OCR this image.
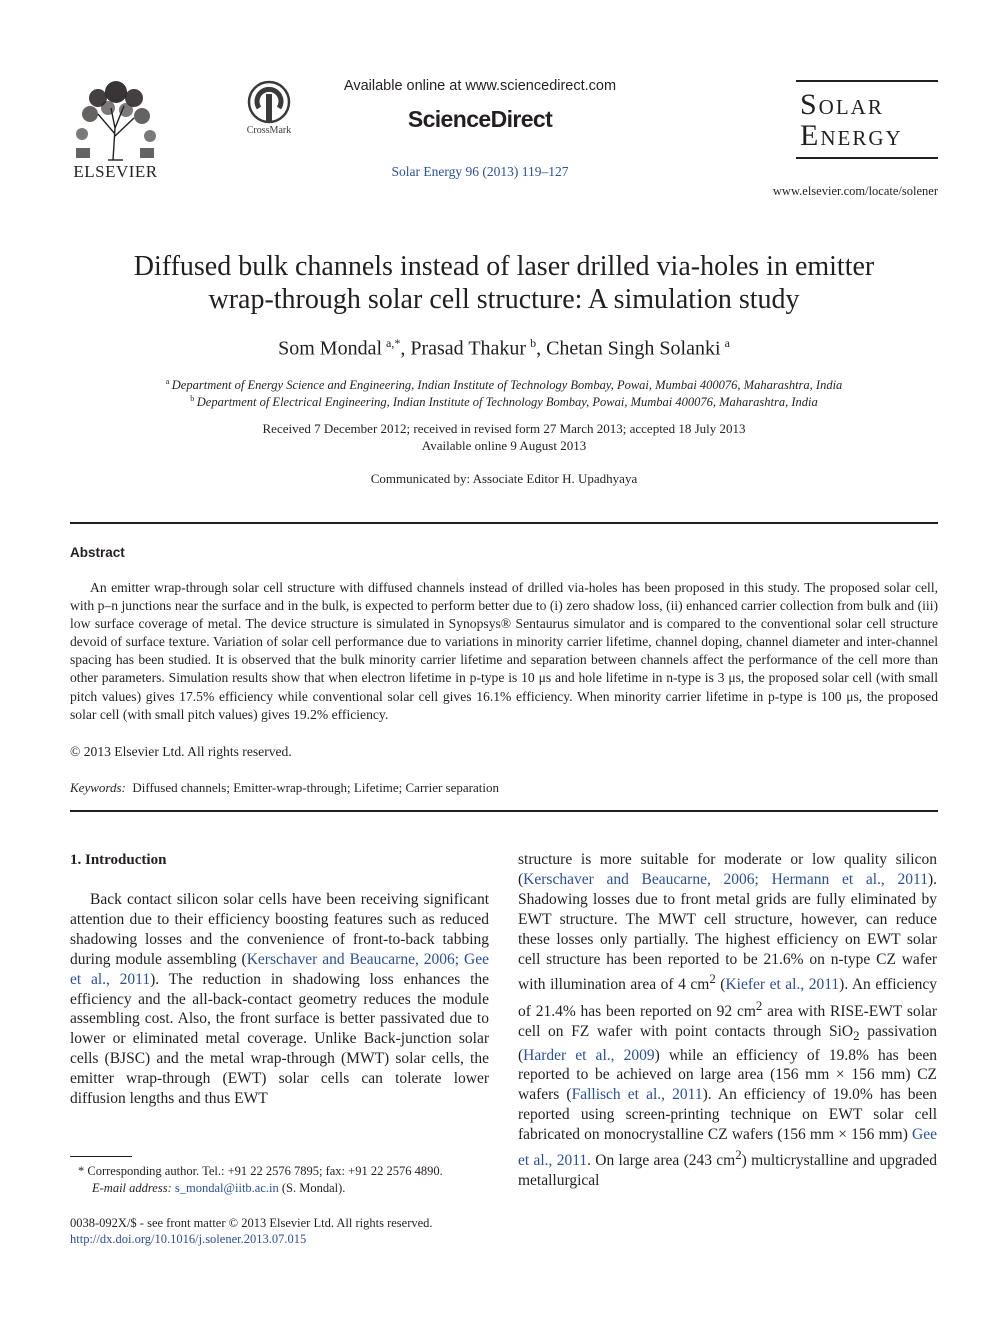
ELSEVIER
CrossMark
Available online at www.sciencedirect.com
ScienceDirect
Solar Energy 96 (2013) 119–127
Solar
Energy
www.elsevier.com/locate/solener
Diffused bulk channels instead of laser drilled via-holes in emitter
wrap-through solar cell structure: A simulation study
Som Mondal  $^{a,*}$, Prasad Thakur  $^b$, Chetan Singh Solanki  $^a$
$^a$  Department of Energy Science and Engineering, Indian Institute of Technology Bombay, Powai, Mumbai 400076, Maharashtra, India
$^b$  Department of Electrical Engineering, Indian Institute of Technology Bombay, Powai, Mumbai 400076, Maharashtra, India
Received 7 December 2012; received in revised form 27 March 2013; accepted 18 July 2013
Available online 9 August 2013
Communicated by: Associate Editor H. Upadhyaya
Abstract
An emitter wrap-through solar cell structure with diffused channels instead of drilled via-holes has been proposed in this study. The proposed solar cell, with p–n junctions near the surface and in the bulk, is expected to perform better due to (i) zero shadow loss, (ii) enhanced carrier collection from bulk and (iii) low surface coverage of metal. The device structure is simulated in Synopsys® Sentaurus simulator and is compared to the conventional solar cell structure devoid of surface texture. Variation of solar cell performance due to variations in minority carrier lifetime, channel doping, channel diameter and inter-channel spacing has been studied. It is observed that the bulk minority carrier lifetime and separation between channels affect the performance of the cell more than other parameters. Simulation results show that when electron lifetime in p-type is 10 μs and hole lifetime in n-type is 3 μs, the proposed solar cell (with small pitch values) gives 17.5% efficiency while conventional solar cell gives 16.1% efficiency. When minority carrier lifetime in p-type is 100 μs, the proposed solar cell (with small pitch values) gives 19.2% efficiency.
© 2013 Elsevier Ltd. All rights reserved.
Keywords: Diffused channels; Emitter-wrap-through; Lifetime; Carrier separation
1. Introduction
Back contact silicon solar cells have been receiving significant attention due to their efficiency boosting features such as reduced shadowing losses and the convenience of front-to-back tabbing during module assembling (Kerschaver and Beaucarne, 2006; Gee et al., 2011). The reduction in shadowing loss enhances the efficiency and the all-back-contact geometry reduces the module assembling cost. Also, the front surface is better passivated due to lower or eliminated metal coverage. Unlike Back-junction solar cells (BJSC) and the metal wrap-through (MWT) solar cells, the emitter wrap-through (EWT) solar cells can tolerate lower diffusion lengths and thus EWT
structure is more suitable for moderate or low quality silicon (Kerschaver and Beaucarne, 2006; Hermann et al., 2011). Shadowing losses due to front metal grids are fully eliminated by EWT structure. The MWT cell structure, however, can reduce these losses only partially. The highest efficiency on EWT solar cell structure has been reported to be 21.6% on n-type CZ wafer with illumination area of 4 $cm^2$ (Kiefer et al., 2011). An efficiency of 21.4% has been reported on 92 $cm^2$ area with RISE-EWT solar cell on FZ wafer with point contacts through SiO$_2$ passivation (Harder et al., 2009) while an efficiency of 19.8% has been reported to be achieved on large area (156 mm × 156 mm) CZ wafers (Fallisch et al., 2011). An efficiency of 19.0% has been reported using screen-printing technique on EWT solar cell fabricated on monocrystalline CZ wafers (156 mm × 156 mm) Gee et al., 2011. On large area (243 $cm^2$) multicrystalline and upgraded metallurgical
* Corresponding author. Tel.: +91 22 2576 7895; fax: +91 22 2576 4890.
E-mail address: s_mondal@iitb.ac.in (S. Mondal).
0038-092X/$ - see front matter © 2013 Elsevier Ltd. All rights reserved.
http://dx.doi.org/10.1016/j.solener.2013.07.015
